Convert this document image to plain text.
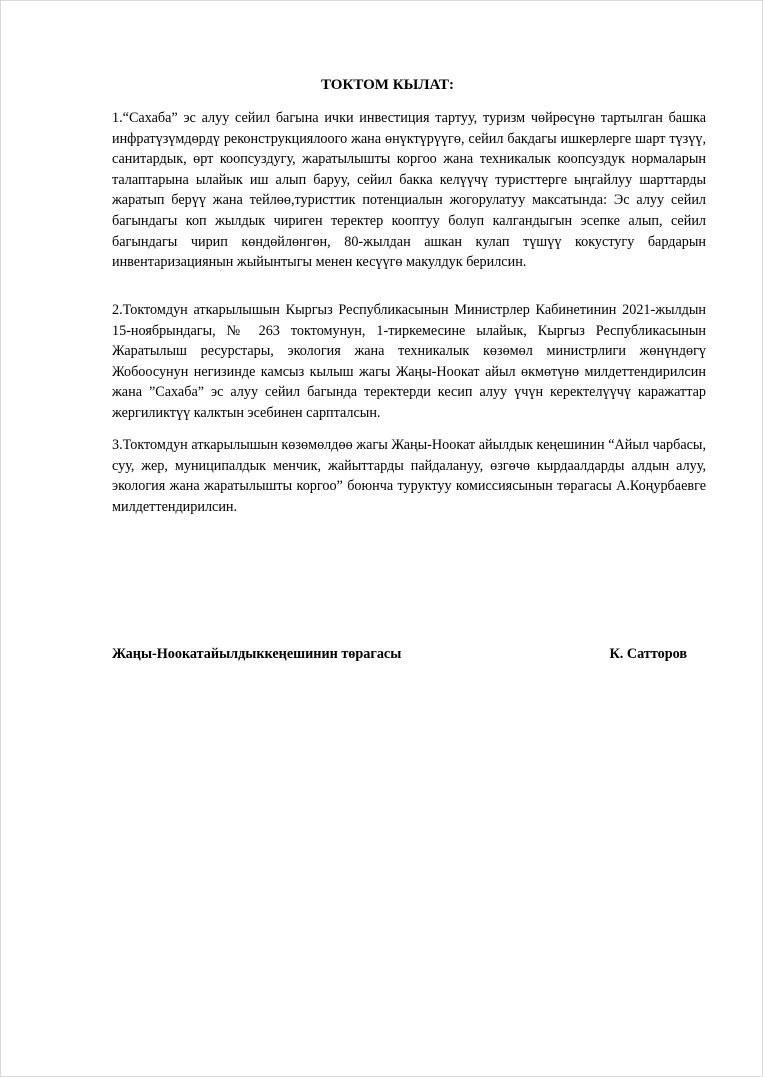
ТОКТОМ КЫЛАТ:

1.“Сахаба” эс алуу сейил багына ички инвестиция тартуу, туризм чөйрөсүнө тартылган башка инфратүзүмдөрдү реконструкциялоого жана өнүктүрүүгө, сейил бакдагы ишкерлерге шарт түзүү, санитардык, өрт коопсуздугу, жаратылышты коргоо жана техникалык коопсуздук нормаларын талаптарына ылайык иш алып баруу, сейил бакка келүүчү туристтерге ыңгайлуу шарттарды жаратып берүү жана тейлөө,туристтик потенциалын жогорулатуу максатында: Эс алуу сейил багындагы коп жылдык чириген теректер кооптуу болуп калгандыгын эсепке алып, сейил багындагы чирип көндөйлөнгөн, 80-жылдан ашкан кулап түшүү кокустугу бардарын инвентаризациянын жыйынтыгы менен кесүүгө макулдук берилсин.

2.Токтомдун аткарылышын Кыргыз Республикасынын Министрлер Кабинетинин 2021-жылдын 15-ноябрындагы, № 263 токтомунун, 1-тиркемесине ылайык, Кыргыз Республикасынын Жаратылыш ресурстары, экология жана техникалык көзөмөл министрлиги жөнүндөгү Жобоосунун негизинде камсыз кылыш жагы Жаңы-Ноокат айыл өкмөтүнө милдеттендирилсин жана ”Сахаба” эс алуу сейил багында теректерди кесип алуу үчүн керектелүүчү каражаттар жергиликтүү калктын эсебинен сарпталсын.

3.Токтомдун аткарылышын көзөмөлдөө жагы Жаңы-Ноокат айылдык кеңешинин “Айыл чарбасы, суу, жер, муниципалдык менчик, жайыттарды пайдалануу, өзгөчө кырдаалдарды алдын алуу, экология жана жаратылышты коргоо” боюнча туруктуу комиссиясынын төрагасы А.Коңурбаевге милдеттендирилсин.

Жаңы-Ноокатайылдыккеңешинин төрагасы	К. Сатторов
